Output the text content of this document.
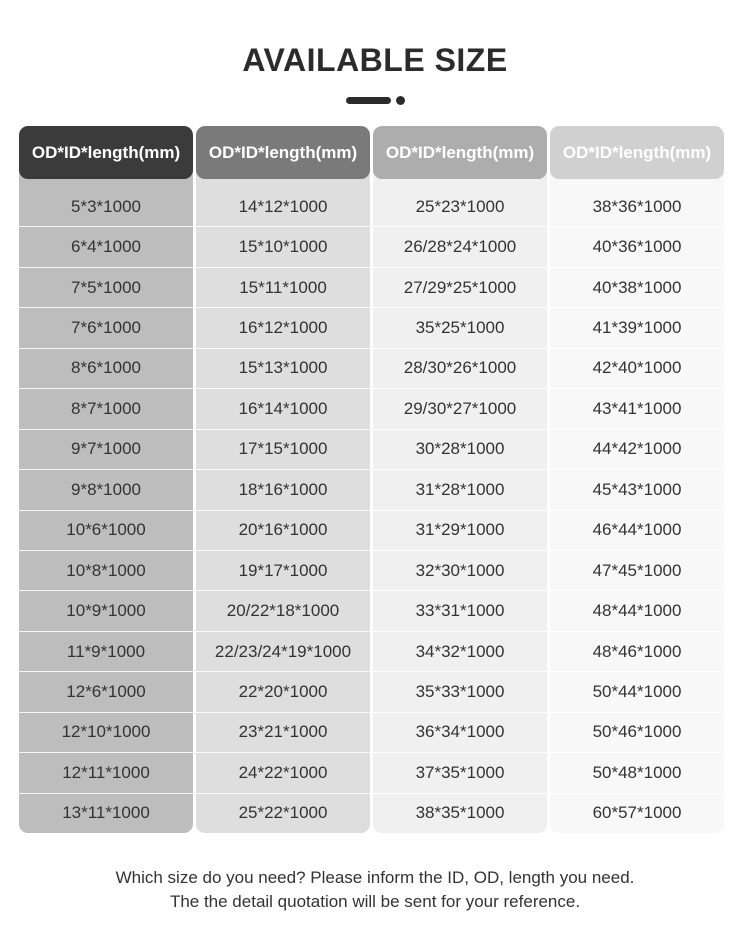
AVAILABLE SIZE
OD*ID*length(mm)
5*3*1000
6*4*1000
7*5*1000
7*6*1000
8*6*1000
8*7*1000
9*7*1000
9*8*1000
10*6*1000
10*8*1000
10*9*1000
11*9*1000
12*6*1000
12*10*1000
12*11*1000
13*11*1000
OD*ID*length(mm)
14*12*1000
15*10*1000
15*11*1000
16*12*1000
15*13*1000
16*14*1000
17*15*1000
18*16*1000
20*16*1000
19*17*1000
20/22*18*1000
22/23/24*19*1000
22*20*1000
23*21*1000
24*22*1000
25*22*1000
OD*ID*length(mm)
25*23*1000
26/28*24*1000
27/29*25*1000
35*25*1000
28/30*26*1000
29/30*27*1000
30*28*1000
31*28*1000
31*29*1000
32*30*1000
33*31*1000
34*32*1000
35*33*1000
36*34*1000
37*35*1000
38*35*1000
OD*ID*length(mm)
38*36*1000
40*36*1000
40*38*1000
41*39*1000
42*40*1000
43*41*1000
44*42*1000
45*43*1000
46*44*1000
47*45*1000
48*44*1000
48*46*1000
50*44*1000
50*46*1000
50*48*1000
60*57*1000
Which size do you need? Please inform the ID, OD, length you need.
The the detail quotation will be sent for your reference.
